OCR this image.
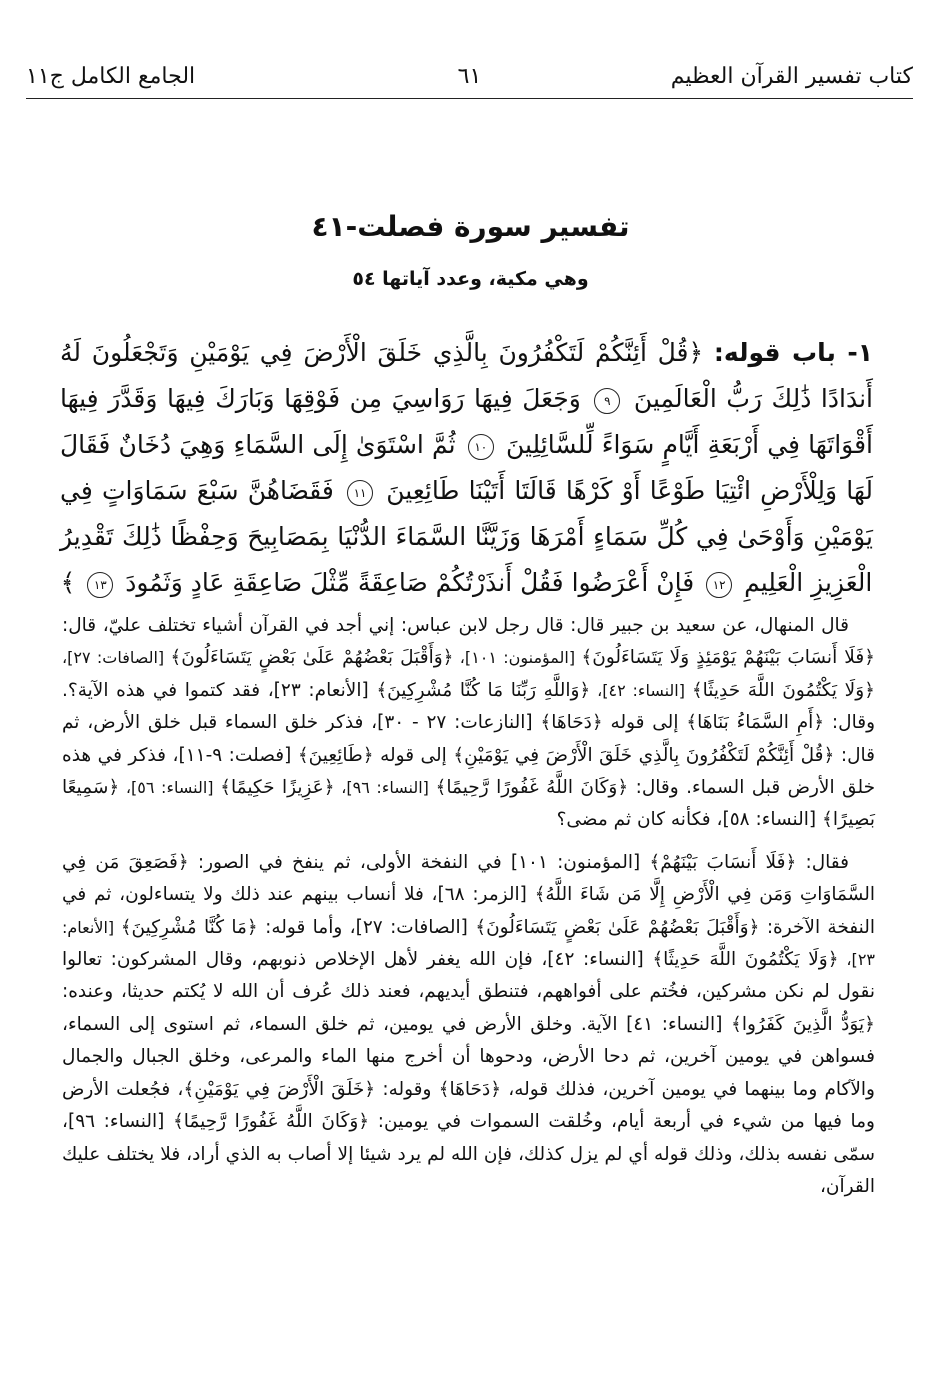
كتاب تفسير القرآن العظيم
٦١
الجامع الكامل ج١١
تفسير سورة فصلت-٤١
وهي مكية، وعدد آياتها ٥٤
١- باب قوله: ﴿قُلْ أَئِنَّكُمْ لَتَكْفُرُونَ بِالَّذِي خَلَقَ الْأَرْضَ فِي يَوْمَيْنِ وَتَجْعَلُونَ لَهُ أَندَادًا ذَٰلِكَ رَبُّ الْعَالَمِينَ ٩ وَجَعَلَ فِيهَا رَوَاسِيَ مِن فَوْقِهَا وَبَارَكَ فِيهَا وَقَدَّرَ فِيهَا أَقْوَاتَهَا فِي أَرْبَعَةِ أَيَّامٍ سَوَاءً لِّلسَّائِلِينَ ١٠ ثُمَّ اسْتَوَىٰ إِلَى السَّمَاءِ وَهِيَ دُخَانٌ فَقَالَ لَهَا وَلِلْأَرْضِ ائْتِيَا طَوْعًا أَوْ كَرْهًا قَالَتَا أَتَيْنَا طَائِعِينَ ١١ فَقَضَاهُنَّ سَبْعَ سَمَاوَاتٍ فِي يَوْمَيْنِ وَأَوْحَىٰ فِي كُلِّ سَمَاءٍ أَمْرَهَا وَزَيَّنَّا السَّمَاءَ الدُّنْيَا بِمَصَابِيحَ وَحِفْظًا ذَٰلِكَ تَقْدِيرُ الْعَزِيزِ الْعَلِيمِ ١٢ فَإِنْ أَعْرَضُوا فَقُلْ أَنذَرْتُكُمْ صَاعِقَةً مِّثْلَ صَاعِقَةِ عَادٍ وَثَمُودَ ١٣ ﴾

قال المنهال، عن سعيد بن جبير قال: قال رجل لابن عباس: إني أجد في القرآن أشياء تختلف عليّ، قال: ﴿فَلَا أَنسَابَ بَيْنَهُمْ يَوْمَئِذٍ وَلَا يَتَسَاءَلُونَ﴾ [المؤمنون: ١٠١]، ﴿وَأَقْبَلَ بَعْضُهُمْ عَلَىٰ بَعْضٍ يَتَسَاءَلُونَ﴾ [الصافات: ٢٧]، ﴿وَلَا يَكْتُمُونَ اللَّهَ حَدِيثًا﴾ [النساء: ٤٢]، ﴿وَاللَّهِ رَبِّنَا مَا كُنَّا مُشْرِكِينَ﴾ [الأنعام: ٢٣]، فقد كتموا في هذه الآية؟. وقال: ﴿أَمِ السَّمَاءُ بَنَاهَا﴾ إلى قوله ﴿دَحَاهَا﴾ [النازعات: ٢٧ - ٣٠]، فذكر خلق السماء قبل خلق الأرض، ثم قال: ﴿قُلْ أَئِنَّكُمْ لَتَكْفُرُونَ بِالَّذِي خَلَقَ الْأَرْضَ فِي يَوْمَيْنِ﴾ إلى قوله ﴿طَائِعِينَ﴾ [فصلت: ٩-١١]، فذكر في هذه خلق الأرض قبل السماء. وقال: ﴿وَكَانَ اللَّهُ غَفُورًا رَّحِيمًا﴾ [النساء: ٩٦]، ﴿عَزِيزًا حَكِيمًا﴾ [النساء: ٥٦]، ﴿سَمِيعًا بَصِيرًا﴾ [النساء: ٥٨]، فكأنه كان ثم مضى؟

فقال: ﴿فَلَا أَنسَابَ بَيْنَهُمْ﴾ [المؤمنون: ١٠١] في النفخة الأولى، ثم ينفخ في الصور: ﴿فَصَعِقَ مَن فِي السَّمَاوَاتِ وَمَن فِي الْأَرْضِ إِلَّا مَن شَاءَ اللَّهُ﴾ [الزمر: ٦٨]، فلا أنساب بينهم عند ذلك ولا يتساءلون، ثم في النفخة الآخرة: ﴿وَأَقْبَلَ بَعْضُهُمْ عَلَىٰ بَعْضٍ يَتَسَاءَلُونَ﴾ [الصافات: ٢٧]، وأما قوله: ﴿مَا كُنَّا مُشْرِكِينَ﴾ [الأنعام: ٢٣]، ﴿وَلَا يَكْتُمُونَ اللَّهَ حَدِيثًا﴾ [النساء: ٤٢]، فإن الله يغفر لأهل الإخلاص ذنوبهم، وقال المشركون: تعالوا نقول لم نكن مشركين، فخُتم على أفواههم، فتنطق أيديهم، فعند ذلك عُرف أن الله لا يُكتم حديثا، وعنده: ﴿يَوَدُّ الَّذِينَ كَفَرُوا﴾ [النساء: ٤١] الآية. وخلق الأرض في يومين، ثم خلق السماء، ثم استوى إلى السماء، فسواهن في يومين آخرين، ثم دحا الأرض، ودحوها أن أخرج منها الماء والمرعى، وخلق الجبال والجمال والآكام وما بينهما في يومين آخرين، فذلك قوله، ﴿دَحَاهَا﴾ وقوله: ﴿خَلَقَ الْأَرْضَ فِي يَوْمَيْنِ﴾، فجُعلت الأرض وما فيها من شيء في أربعة أيام، وخُلقت السموات في يومين: ﴿وَكَانَ اللَّهُ غَفُورًا رَّحِيمًا﴾ [النساء: ٩٦]، سمّى نفسه بذلك، وذلك قوله أي لم يزل كذلك، فإن الله لم يرد شيئا إلا أصاب به الذي أراد، فلا يختلف عليك القرآن،
